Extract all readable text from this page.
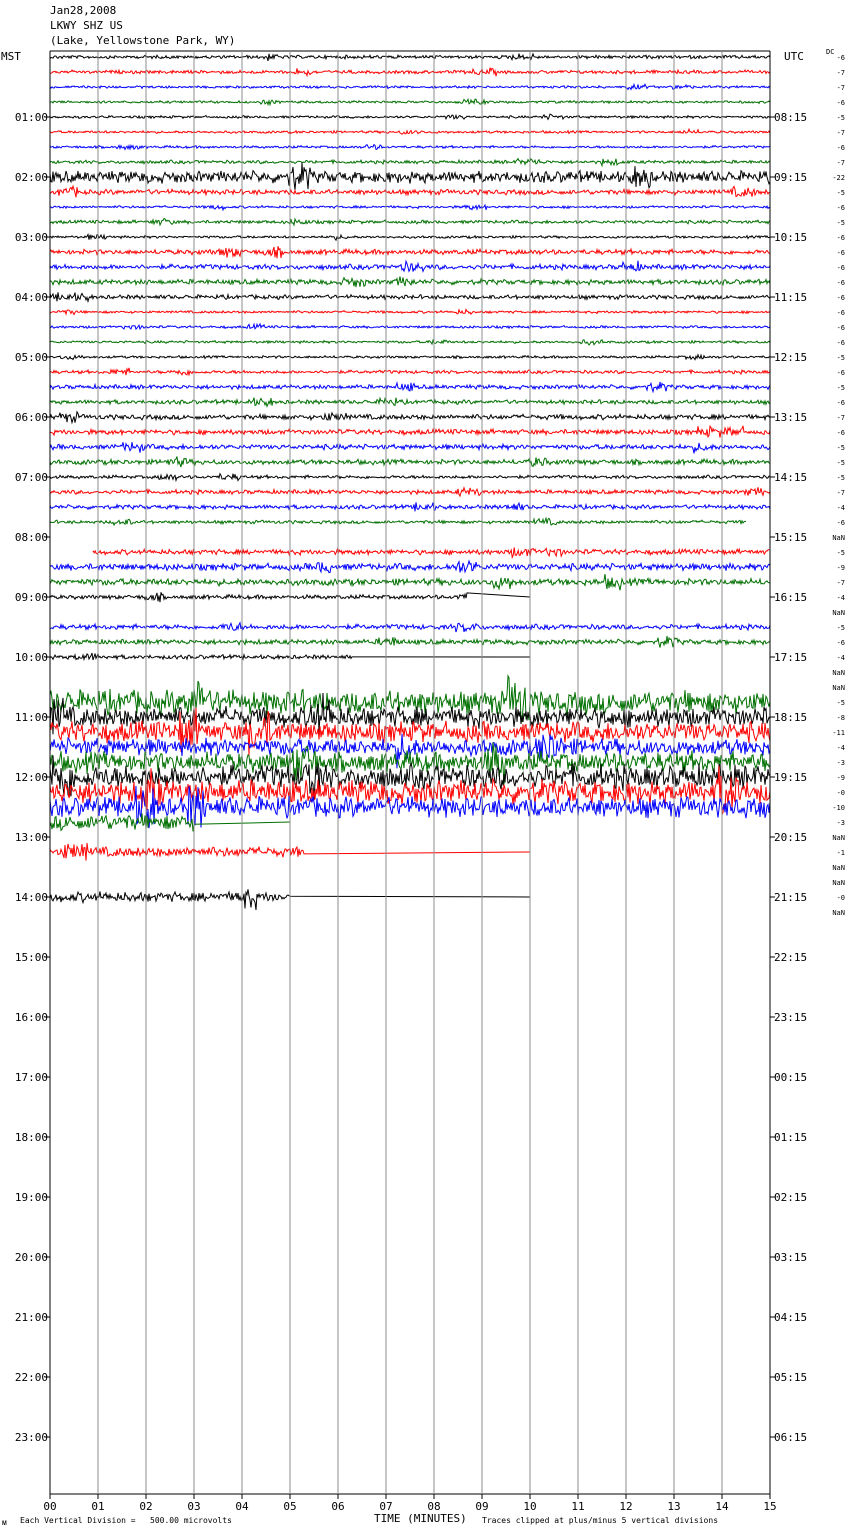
Jan28,2008
LKWY SHZ US
(Lake, Yellowstone Park, WY)
MST	UTC	DC
00	01	02	03	04	05	06	07	08	09	10	11	12	13	14	15
01:00	08:15
02:00	09:15
03:00	10:15
04:00	11:15
05:00	12:15
06:00	13:15
07:00	14:15
08:00	15:15
09:00	16:15
10:00	17:15
11:00	18:15
12:00	19:15
13:00	20:15
14:00	21:15
15:00	22:15
16:00	23:15
17:00	00:15
18:00	01:15
19:00	02:15
20:00	03:15
21:00	04:15
22:00	05:15
23:00	06:15
-6
-7
-7
-6
-5
-7
-6
-7
-22
-5
-6
-5
-6
-6
-6
-6
-6
-6
-6
-6
-5
-6
-5
-6
-7
-6
-5
-5
-5
-7
-4
-6
NaN
-5
-9
-7
-4
NaN
-5
-6
-4
NaN
NaN
-5
-8
-11
-4
-3
-9
-0
-10
-3
NaN
-1
NaN
NaN
-0
NaN
ᴍ Each Vertical Division = 500.00 microvolts	TIME (MINUTES) Traces clipped at plus/minus 5 vertical divisions
